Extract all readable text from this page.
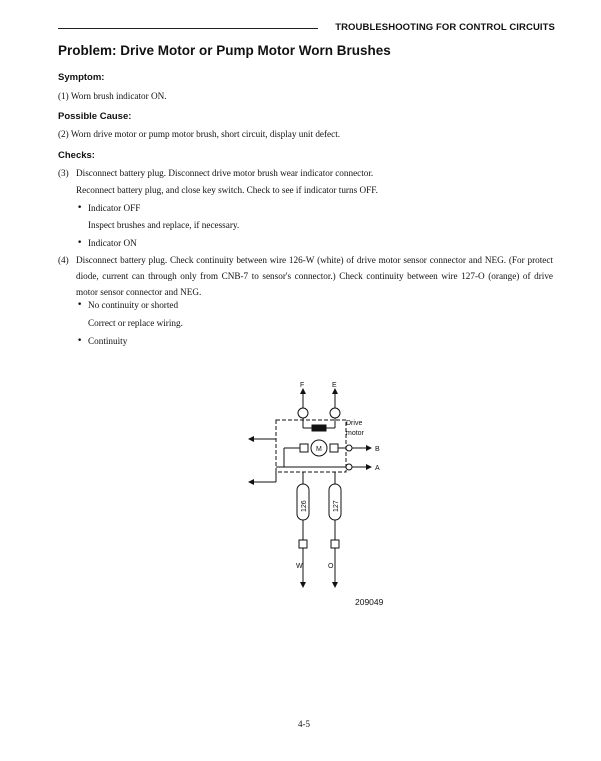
TROUBLESHOOTING FOR CONTROL CIRCUITS
Problem: Drive Motor or Pump Motor Worn Brushes
Symptom:
(1) Worn brush indicator ON.
Possible Cause:
(2) Worn drive motor or pump motor brush, short circuit, display unit defect.
Checks:
(3) Disconnect battery plug. Disconnect drive motor brush wear indicator connector.
Reconnect battery plug, and close key switch. Check to see if indicator turns OFF.
• Indicator OFF
Inspect brushes and replace, if necessary.
• Indicator ON
(4) Disconnect battery plug. Check continuity between wire 126-W (white) of drive motor sensor connector and NEG. (For protect diode, current can through only from CNB-7 to sensor's connector.) Check continuity between wire 127-O (orange) of drive motor sensor connector and NEG.
• No continuity or shorted
Correct or replace wiring.
• Continuity
F	E
Drive
motor
M	B
A
126	127
W	O
209049
4-5
